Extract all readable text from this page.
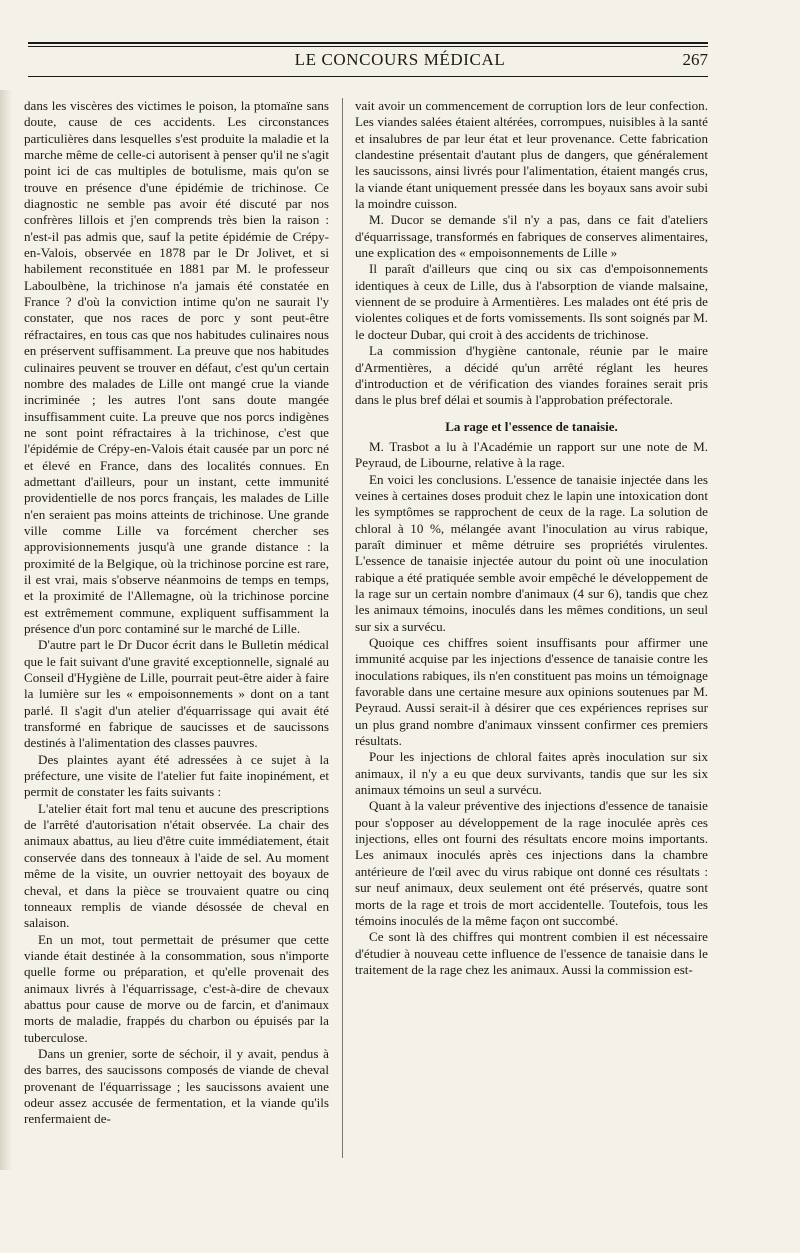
LE CONCOURS MÉDICAL	267

dans les viscères des victimes le poison, la ptomaïne sans doute, cause de ces accidents. Les circonstances particulières dans lesquelles s'est produite la maladie et la marche même de celle-ci autorisent à penser qu'il ne s'agit point ici de cas multiples de botulisme, mais qu'on se trouve en présence d'une épidémie de trichinose. Ce diagnostic ne semble pas avoir été discuté par nos confrères lillois et j'en comprends très bien la raison : n'est-il pas admis que, sauf la petite épidémie de Crépy-en-Valois, observée en 1878 par le Dr Jolivet, et si habilement reconstituée en 1881 par M. le professeur Laboulbène, la trichinose n'a jamais été constatée en France ? d'où la conviction intime qu'on ne saurait l'y constater, que nos races de porc y sont peut-être réfractaires, en tous cas que nos habitudes culinaires nous en préservent suffisamment. La preuve que nos habitudes culinaires peuvent se trouver en défaut, c'est qu'un certain nombre des malades de Lille ont mangé crue la viande incriminée ; les autres l'ont sans doute mangée insuffisamment cuite. La preuve que nos porcs indigènes ne sont point réfractaires à la trichinose, c'est que l'épidémie de Crépy-en-Valois était causée par un porc né et élevé en France, dans des localités connues. En admettant d'ailleurs, pour un instant, cette immunité providentielle de nos porcs français, les malades de Lille n'en seraient pas moins atteints de trichinose. Une grande ville comme Lille va forcément chercher ses approvisionnements jusqu'à une grande distance : la proximité de la Belgique, où la trichinose porcine est rare, il est vrai, mais s'observe néanmoins de temps en temps, et la proximité de l'Allemagne, où la trichinose porcine est extrêmement commune, expliquent suffisamment la présence d'un porc contaminé sur le marché de Lille.

D'autre part le Dr Ducor écrit dans le Bulletin médical que le fait suivant d'une gravité exceptionnelle, signalé au Conseil d'Hygiène de Lille, pourrait peut-être aider à faire la lumière sur les « empoisonnements » dont on a tant parlé. Il s'agit d'un atelier d'équarrissage qui avait été transformé en fabrique de saucisses et de saucissons destinés à l'alimentation des classes pauvres.

Des plaintes ayant été adressées à ce sujet à la préfecture, une visite de l'atelier fut faite inopinément, et permit de constater les faits suivants :

L'atelier était fort mal tenu et aucune des prescriptions de l'arrêté d'autorisation n'était observée. La chair des animaux abattus, au lieu d'être cuite immédiatement, était conservée dans des tonneaux à l'aide de sel. Au moment même de la visite, un ouvrier nettoyait des boyaux de cheval, et dans la pièce se trouvaient quatre ou cinq tonneaux remplis de viande désossée de cheval en salaison.

En un mot, tout permettait de présumer que cette viande était destinée à la consommation, sous n'importe quelle forme ou préparation, et qu'elle provenait des animaux livrés à l'équarrissage, c'est-à-dire de chevaux abattus pour cause de morve ou de farcin, et d'animaux morts de maladie, frappés du charbon ou épuisés par la tuberculose.

Dans un grenier, sorte de séchoir, il y avait, pendus à des barres, des saucissons composés de viande de cheval provenant de l'équarrissage ; les saucissons avaient une odeur assez accusée de fermentation, et la viande qu'ils renfermaient de-

vait avoir un commencement de corruption lors de leur confection. Les viandes salées étaient altérées, corrompues, nuisibles à la santé et insalubres de par leur état et leur provenance. Cette fabrication clandestine présentait d'autant plus de dangers, que généralement les saucissons, ainsi livrés pour l'alimentation, étaient mangés crus, la viande étant uniquement pressée dans les boyaux sans avoir subi la moindre cuisson.

M. Ducor se demande s'il n'y a pas, dans ce fait d'ateliers d'équarrissage, transformés en fabriques de conserves alimentaires, une explication des « empoisonnements de Lille »

Il paraît d'ailleurs que cinq ou six cas d'empoisonnements identiques à ceux de Lille, dus à l'absorption de viande malsaine, viennent de se produire à Armentières. Les malades ont été pris de violentes coliques et de forts vomissements. Ils sont soignés par M. le docteur Dubar, qui croit à des accidents de trichinose.

La commission d'hygiène cantonale, réunie par le maire d'Armentières, a décidé qu'un arrêté réglant les heures d'introduction et de vérification des viandes foraines serait pris dans le plus bref délai et soumis à l'approbation préfectorale.

La rage et l'essence de tanaisie.

M. Trasbot a lu à l'Académie un rapport sur une note de M. Peyraud, de Libourne, relative à la rage.

En voici les conclusions. L'essence de tanaisie injectée dans les veines à certaines doses produit chez le lapin une intoxication dont les symptômes se rapprochent de ceux de la rage. La solution de chloral à 10 %, mélangée avant l'inoculation au virus rabique, paraît diminuer et même détruire ses propriétés virulentes. L'essence de tanaisie injectée autour du point où une inoculation rabique a été pratiquée semble avoir empêché le développement de la rage sur un certain nombre d'animaux (4 sur 6), tandis que chez les animaux témoins, inoculés dans les mêmes conditions, un seul sur six a survécu.

Quoique ces chiffres soient insuffisants pour affirmer une immunité acquise par les injections d'essence de tanaisie contre les inoculations rabiques, ils n'en constituent pas moins un témoignage favorable dans une certaine mesure aux opinions soutenues par M. Peyraud. Aussi serait-il à désirer que ces expériences reprises sur un plus grand nombre d'animaux vinssent confirmer ces premiers résultats.

Pour les injections de chloral faites après inoculation sur six animaux, il n'y a eu que deux survivants, tandis que sur les six animaux témoins un seul a survécu.

Quant à la valeur préventive des injections d'essence de tanaisie pour s'opposer au développement de la rage inoculée après ces injections, elles ont fourni des résultats encore moins importants. Les animaux inoculés après ces injections dans la chambre antérieure de l'œil avec du virus rabique ont donné ces résultats : sur neuf animaux, deux seulement ont été préservés, quatre sont morts de la rage et trois de mort accidentelle. Toutefois, tous les témoins inoculés de la même façon ont succombé.

Ce sont là des chiffres qui montrent combien il est nécessaire d'étudier à nouveau cette influence de l'essence de tanaisie dans le traitement de la rage chez les animaux. Aussi la commission est-
